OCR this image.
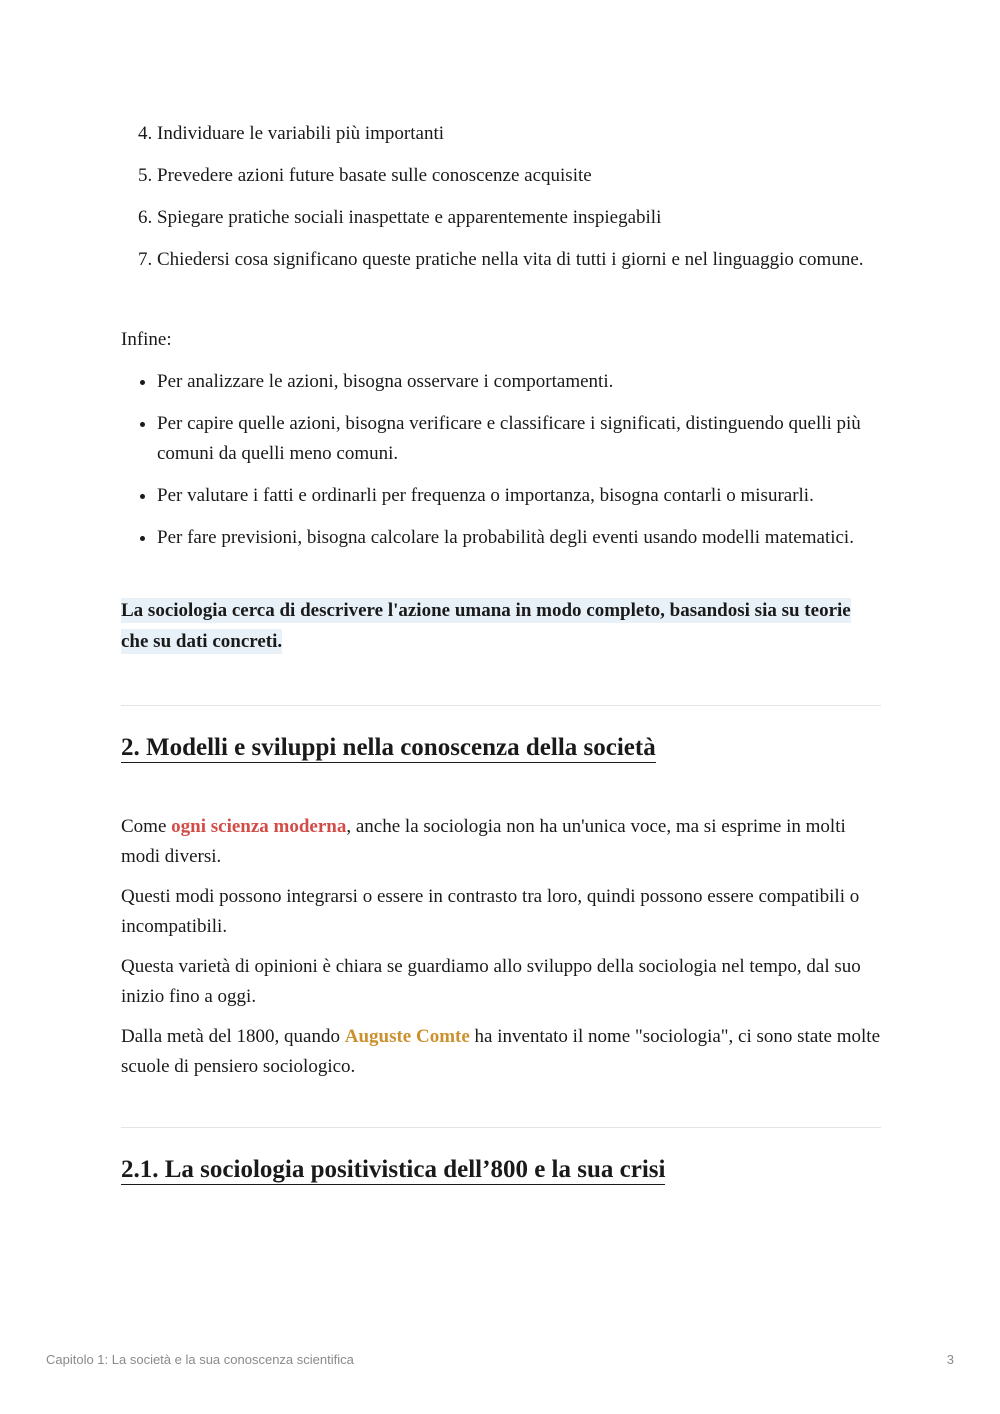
4. Individuare le variabili più importanti
5. Prevedere azioni future basate sulle conoscenze acquisite
6. Spiegare pratiche sociali inaspettate e apparentemente inspiegabili
7. Chiedersi cosa significano queste pratiche nella vita di tutti i giorni e nel linguaggio comune.

Infine:

• Per analizzare le azioni, bisogna osservare i comportamenti.
• Per capire quelle azioni, bisogna verificare e classificare i significati, distinguendo quelli più comuni da quelli meno comuni.
• Per valutare i fatti e ordinarli per frequenza o importanza, bisogna contarli o misurarli.
• Per fare previsioni, bisogna calcolare la probabilità degli eventi usando modelli matematici.

La sociologia cerca di descrivere l'azione umana in modo completo, basandosi sia su teorie che su dati concreti.

2. Modelli e sviluppi nella conoscenza della società

Come ogni scienza moderna, anche la sociologia non ha un'unica voce, ma si esprime in molti modi diversi.

Questi modi possono integrarsi o essere in contrasto tra loro, quindi possono essere compatibili o incompatibili.

Questa varietà di opinioni è chiara se guardiamo allo sviluppo della sociologia nel tempo, dal suo inizio fino a oggi.

Dalla metà del 1800, quando Auguste Comte ha inventato il nome "sociologia", ci sono state molte scuole di pensiero sociologico.

2.1. La sociologia positivistica dell’800 e la sua crisi
Capitolo 1: La società e la sua conoscenza scientifica	3
